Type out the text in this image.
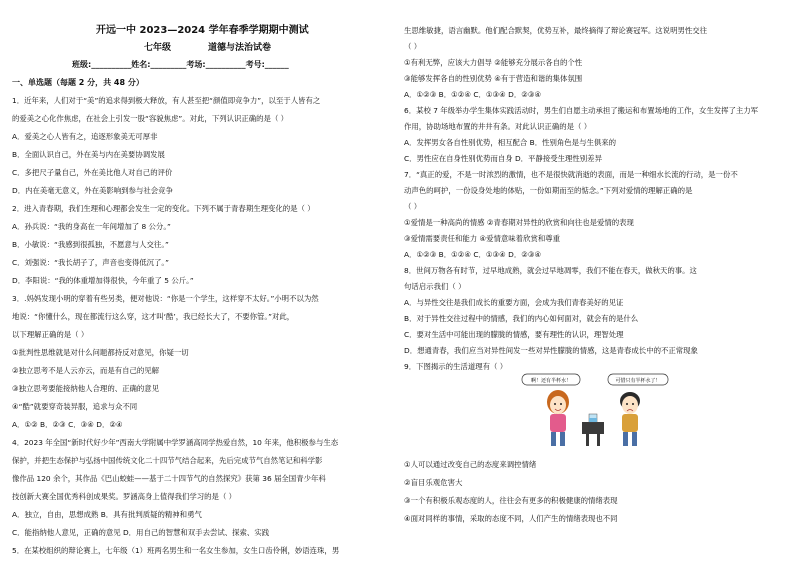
开远一中 2023—2024 学年春季学期期中测试
七年级	道德与法治试卷
班级:__________姓名:_________考场:__________考号:______
一、单选题（每题 2 分，共 48 分）
1．近年来，人们对于“美”的追求得到极大释放，有人甚至把“颜值即竞争力”，以至于人皆有之
的爱美之心化作焦虑，在社会上引发一股“容貌焦虑”。对此，下列认识正确的是（ ）
A．爱美之心人皆有之，追逐形象美无可厚非
B．全面认识自己，外在美与内在美要协调发展
C．多把尺子量自己，外在美比他人对自己的评价
D．内在美毫无意义，外在美影响到参与社会竞争
2．进入青春期，我们生理和心理都会发生一定的变化。下列不属于青春期生理变化的是（ ）
A．孙兵说：“我的身高在一年间增加了 8 公分。”
B．小敏说：“我感到很孤独，不愿意与人交往。”
C．刘强说：“我长胡子了，声音也变得低沉了。”
D．李阳说：“我的体重增加得很快，今年重了 5 公斤。”
3．.妈妈发现小明的穿着有些另类，便对他说：“你是一个学生，这样穿不太好。”小明不以为然
地说：“你懂什么，现在都流行这么穿，这才叫‘酷’，我已经长大了，不要你管。”对此，
以下理解正确的是（ ）
①批判性思维就是对什么问题都持反对意见，你疑一切
②独立思考不是人云亦云，而是有自己的见解
③独立思考要能接纳他人合理的、正确的意见
④“酷”就要穿奇装异服，追求与众不同
A．①② B．②③ C．③④ D．②④
4．2023 年全国“新时代好少年”西南大学附属中学罗涵高同学热爱自然，10 年来，他积极参与生态
保护，并把生态保护与弘扬中国传统文化二十四节气结合起来，先后完成节气自然笔记和科学影
像作品 120 余个，其作品《巴山蛟蛙——基于二十四节气的自然探究》获第 36 届全国青少年科
技创新大赛全国优秀科创成果奖。罗涵高身上值得我们学习的是（ ）
A．独立，自由，思想成熟 B．具有批判质疑的精神和勇气
C．能指纳他人意见，正确的意见 D．用自己的智慧和双手去尝试、探索、实践
5．在某校组织的辩论赛上，七年级（1）班两名男生和一名女生参加，女生口齿伶俐，妙语连珠，男
生思维敏捷，语言幽默。他们配合默契，优势互补，最终摘得了辩论赛冠军。这说明男性交往
（ ）
①有利无弊，应该大力倡导 ②能够充分展示各自的个性
③能够发挥各自的性别优势 ④有于营造和谐的集体氛围
A．①②③ B．①②④ C．①③④ D．②③④
6．某校 7 年级举办学生集体实践活动时，男生们自愿主动承担了搬运和布置场地的工作，女生发挥了主力军
作用，协助场地布置的井井有条。对此认识正确的是（ ）
A．发挥男女各自性别优势，相互配合 B．性别角色是与生俱来的
C．男性应在自身性别优势而自身 D．平静接受生理性别差异
7．“真正的爱，不是一时浓烈的激情，也不是很快就消逝的表面，而是一种细水长流的行动，是一份不
动声色的呵护，一份设身处地的体贴，一份如期而至的惦念。”下列对爱情的理解正确的是
（ ）
①爱情是一种高尚的情感 ②青春期对异性的欣赏和向往也是爱情的表现
③爱情需要责任和能力 ④爱情意味着欣赏和尊重
A．①②③ B．①②④ C．①③④ D．②③④
8．世间万物各有时节，过早地成熟，就会过早地凋零，我们不能在春天，做秋天的事。这
句话启示我们（ ）
A．与异性交往是我们成长的重要方面，会成为我们青春美好的见证
B．对于异性交往过程中的情感，我们的内心如何面对，就会有的是什么
C．要对生活中可能出现的朦胧的情感，要有理性的认识，理智处理
D．想通青春，我们应当对异性间发一些对异性朦胧的情感，这是青春成长中的不正常现象
9．下图揭示的生活道理有（ ）
①人可以通过改变自己的态度来调控情绪
②盲目乐观危害大
③一个有积极乐观态度的人，往往会有更多的积极健康的情绪表现
④面对同样的事情，采取的态度不同，人们产生的情绪表现也不同
啊！还有半杯水！	可惜只有半杯水了！
